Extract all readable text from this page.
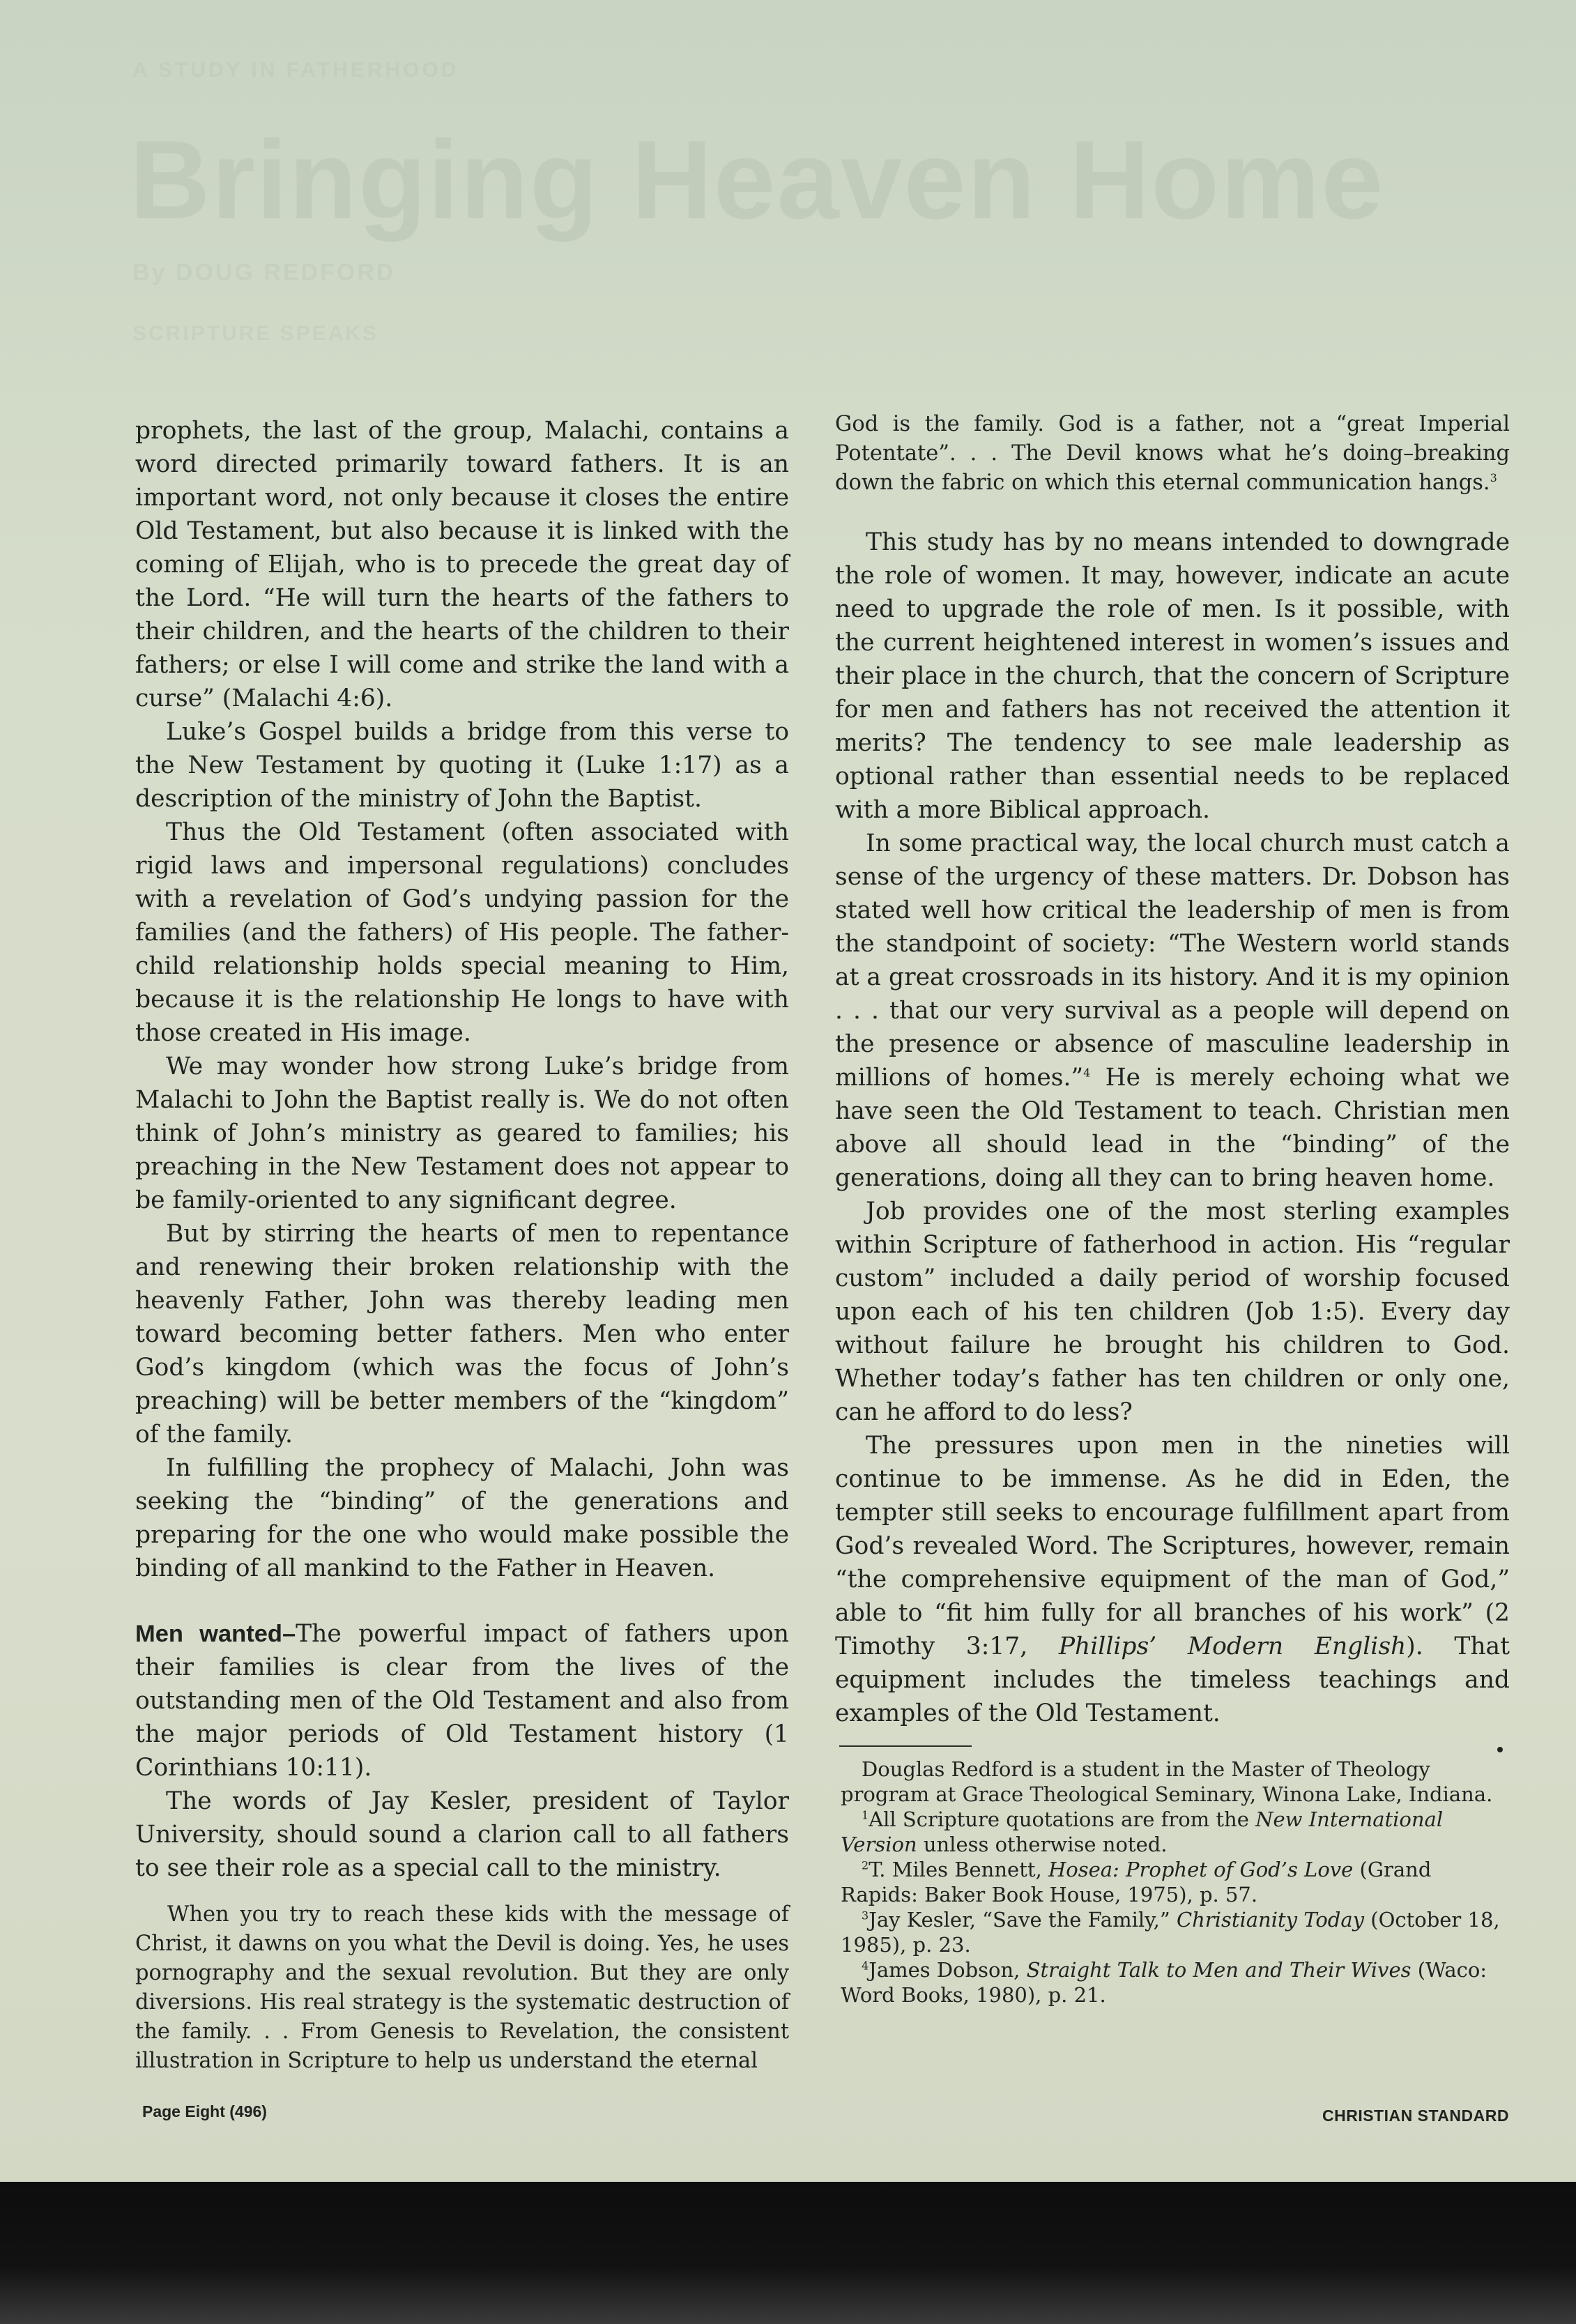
A STUDY IN FATHERHOOD
Bringing Heaven Home
By DOUG REDFORD
SCRIPTURE SPEAKS

prophets, the last of the group, Malachi, contains a word directed primarily toward fathers. It is an important word, not only because it closes the entire Old Testament, but also because it is linked with the coming of Elijah, who is to precede the great day of the Lord. “He will turn the hearts of the fathers to their children, and the hearts of the children to their fathers; or else I will come and strike the land with a curse” (Malachi 4:6).

Luke’s Gospel builds a bridge from this verse to the New Testament by quoting it (Luke 1:17) as a description of the ministry of John the Baptist.

Thus the Old Testament (often associated with rigid laws and impersonal regulations) concludes with a revelation of God’s undying passion for the families (and the fathers) of His people. The father-child relationship holds special meaning to Him, because it is the relationship He longs to have with those created in His image.

We may wonder how strong Luke’s bridge from Malachi to John the Baptist really is. We do not often think of John’s ministry as geared to families; his preaching in the New Testament does not appear to be family-oriented to any significant degree.

But by stirring the hearts of men to repentance and renewing their broken relationship with the heavenly Father, John was thereby leading men toward becoming better fathers. Men who enter God’s kingdom (which was the focus of John’s preaching) will be better members of the “kingdom” of the family.

In fulfilling the prophecy of Malachi, John was seeking the “binding” of the generations and preparing for the one who would make possible the binding of all mankind to the Father in Heaven.

Men wanted–The powerful impact of fathers upon their families is clear from the lives of the outstanding men of the Old Testament and also from the major periods of Old Testament history (1 Corinthians 10:11).

The words of Jay Kesler, president of Taylor University, should sound a clarion call to all fathers to see their role as a special call to the ministry.

When you try to reach these kids with the message of Christ, it dawns on you what the Devil is doing. Yes, he uses pornography and the sexual revolution. But they are only diversions. His real strategy is the systematic destruction of the family. . . From Genesis to Revelation, the consistent illustration in Scripture to help us understand the eternal

God is the family. God is a father, not a “great Imperial Potentate”. . . The Devil knows what he’s doing–breaking down the fabric on which this eternal communication hangs.$^3$

This study has by no means intended to downgrade the role of women. It may, however, indicate an acute need to upgrade the role of men. Is it possible, with the current heightened interest in women’s issues and their place in the church, that the concern of Scripture for men and fathers has not received the attention it merits? The tendency to see male leadership as optional rather than essential needs to be replaced with a more Biblical approach.

In some practical way, the local church must catch a sense of the urgency of these matters. Dr. Dobson has stated well how critical the leadership of men is from the standpoint of society: “The Western world stands at a great crossroads in its history. And it is my opinion . . . that our very survival as a people will depend on the presence or absence of masculine leadership in millions of homes.”$^4$ He is merely echoing what we have seen the Old Testament to teach. Christian men above all should lead in the “binding” of the generations, doing all they can to bring heaven home.

Job provides one of the most sterling examples within Scripture of fatherhood in action. His “regular custom” included a daily period of worship focused upon each of his ten children (Job 1:5). Every day without failure he brought his children to God. Whether today’s father has ten children or only one, can he afford to do less?

The pressures upon men in the nineties will continue to be immense. As he did in Eden, the tempter still seeks to encourage fulfillment apart from God’s revealed Word. The Scriptures, however, remain “the comprehensive equipment of the man of God,” able to “fit him fully for all branches of his work” (2 Timothy 3:17, Phillips’ Modern English). That equipment includes the timeless teachings and examples of the Old Testament.

Douglas Redford is a student in the Master of Theology program at Grace Theological Seminary, Winona Lake, Indiana.

$^1$All Scripture quotations are from the New International Version unless otherwise noted.

$^2$T. Miles Bennett, Hosea: Prophet of God’s Love (Grand Rapids: Baker Book House, 1975), p. 57.

$^3$Jay Kesler, “Save the Family,” Christianity Today (October 18, 1985), p. 23.

$^4$James Dobson, Straight Talk to Men and Their Wives (Waco: Word Books, 1980), p. 21.

Page Eight (496)	CHRISTIAN STANDARD
